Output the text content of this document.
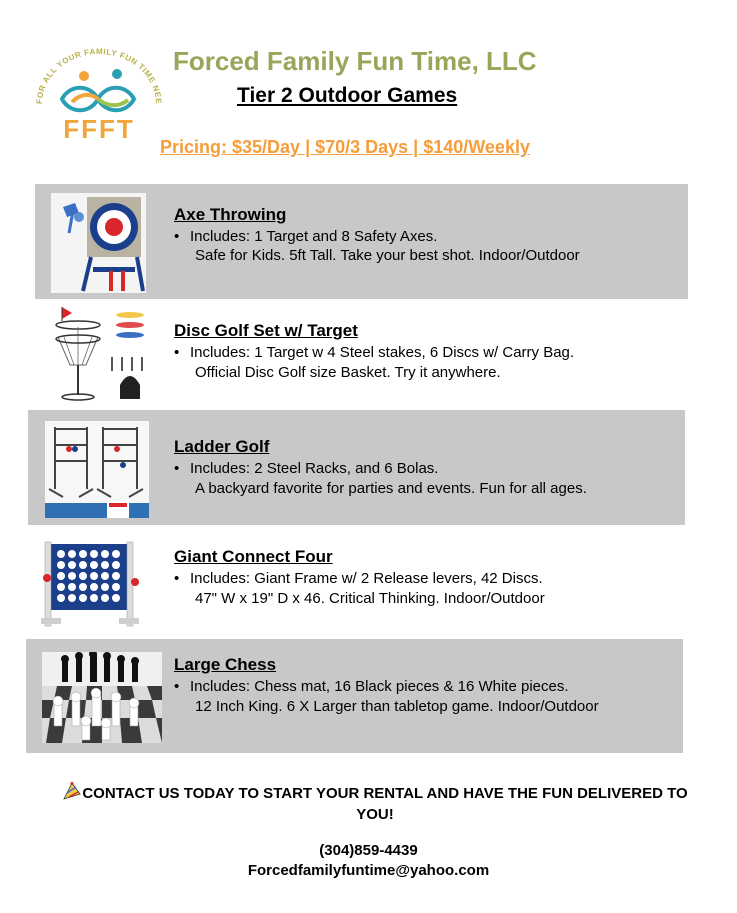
FOR ALL YOUR FAMILY FUN TIME NEE
FFFT
Forced Family Fun Time, LLC
Tier 2 Outdoor Games
Pricing: $35/Day | $70/3 Days | $140/Weekly
Axe Throwing
• Includes: 1 Target and 8 Safety Axes.
Safe for Kids. 5ft Tall. Take your best shot. Indoor/Outdoor
Disc Golf Set w/ Target
• Includes: 1 Target w 4 Steel stakes, 6 Discs w/ Carry Bag.
Official Disc Golf size Basket. Try it anywhere.
Ladder Golf
• Includes: 2 Steel Racks, and 6 Bolas.
A backyard favorite for parties and events. Fun for all ages.
Giant Connect Four
• Includes: Giant Frame w/ 2 Release levers, 42 Discs.
47" W x 19" D x 46. Critical Thinking. Indoor/Outdoor
Large Chess
• Includes: Chess mat, 16 Black pieces & 16 White pieces.
12 Inch King. 6 X Larger than tabletop game. Indoor/Outdoor
CONTACT US TODAY TO START YOUR RENTAL AND HAVE THE FUN DELIVERED TO YOU!
(304)859-4439
Forcedfamilyfuntime@yahoo.com
